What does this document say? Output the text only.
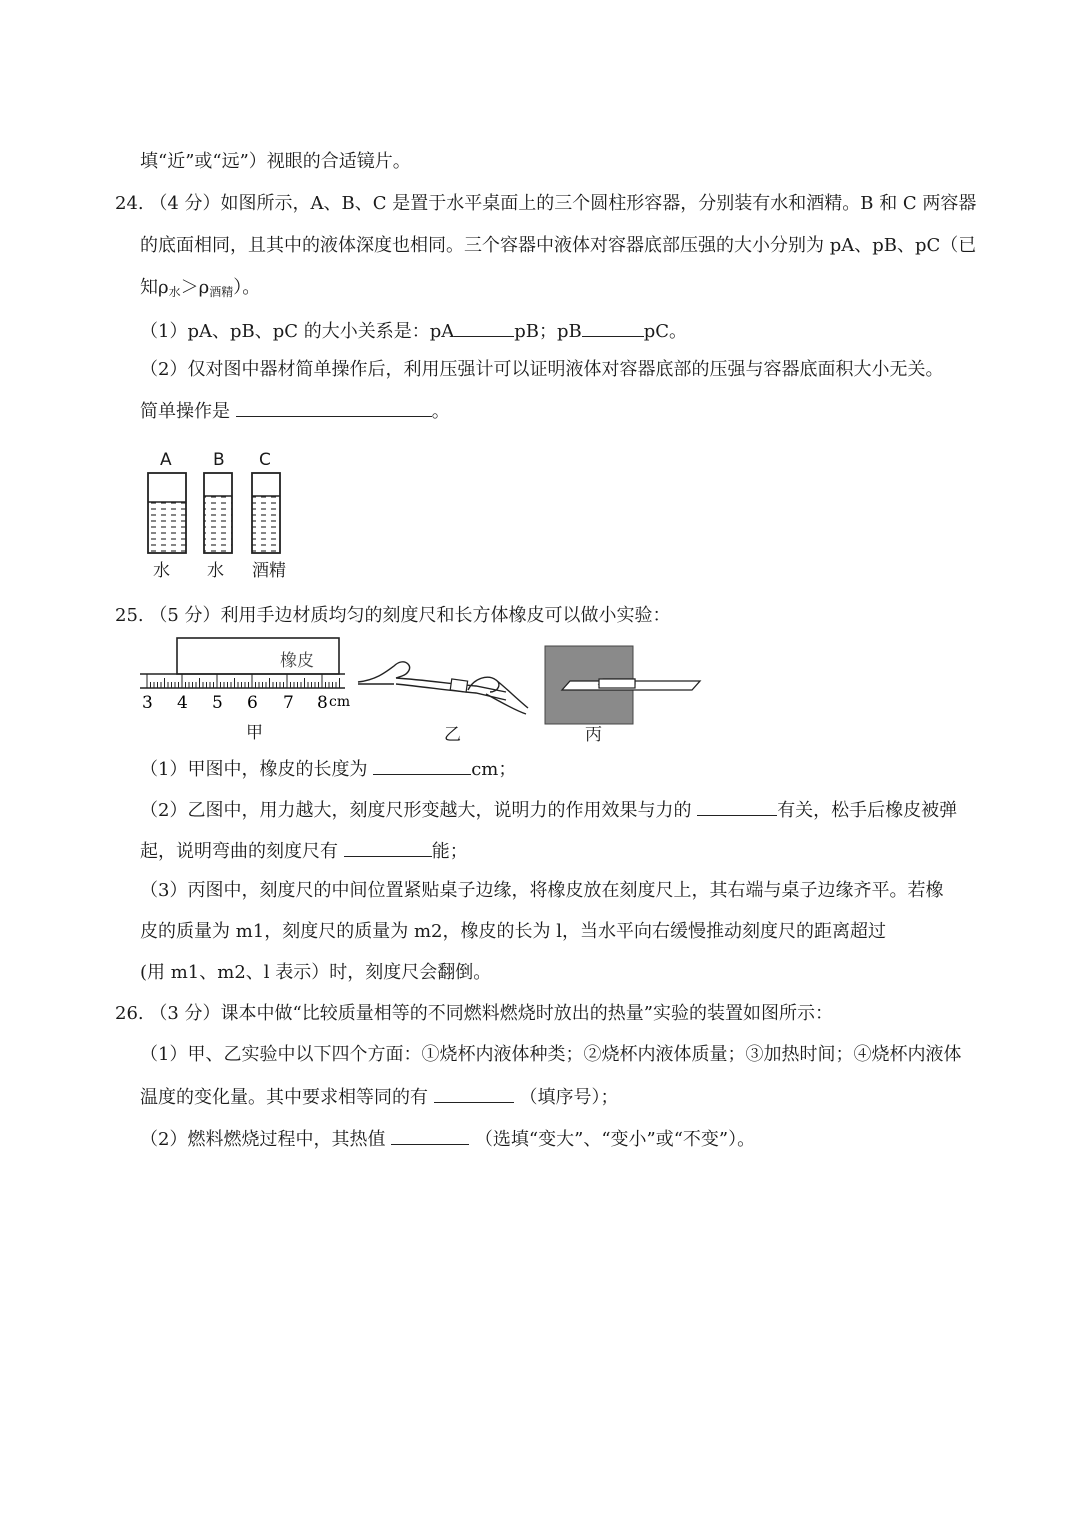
填“近”或“远”）视眼的合适镜片。
24. （4 分）如图所示，A、B、C 是置于水平桌面上的三个圆柱形容器，分别装有水和酒精。B 和 C 两容器
的底面相同，且其中的液体深度也相同。三个容器中液体对容器底部压强的大小分别为 pA、pB、pC（已
知$\rho_水>\rho_{酒精}$）。
（1）pA、pB、pC 的大小关系是：pA	pB；pB	pC。
（2）仅对图中器材简单操作后，利用压强计可以证明液体对容器底部的压强与容器底面积大小无关。
简单操作是	。
A B C
水 水 酒精
25. （5 分）利用手边材质均匀的刻度尺和长方体橡皮可以做小实验：
橡皮
3 4 5 6 7 8 cm
甲	乙	丙
（1）甲图中，橡皮的长度为	cm；
（2）乙图中，用力越大，刻度尺形变越大，说明力的作用效果与力的	有关，松手后橡皮被弹
起，说明弯曲的刻度尺有	能；
（3）丙图中，刻度尺的中间位置紧贴桌子边缘，将橡皮放在刻度尺上，其右端与桌子边缘齐平。若橡
皮的质量为 m1，刻度尺的质量为 m2，橡皮的长为 l，当水平向右缓慢推动刻度尺的距离超过
(用 m1、m2、l 表示）时，刻度尺会翻倒。
26. （3 分）课本中做“比较质量相等的不同燃料燃烧时放出的热量”实验的装置如图所示：
（1）甲、乙实验中以下四个方面：①烧杯内液体种类；②烧杯内液体质量；③加热时间；④烧杯内液体
温度的变化量。其中要求相等同的有	（填序号）；
（2）燃料燃烧过程中，其热值	（选填“变大”、“变小”或“不变”）。
